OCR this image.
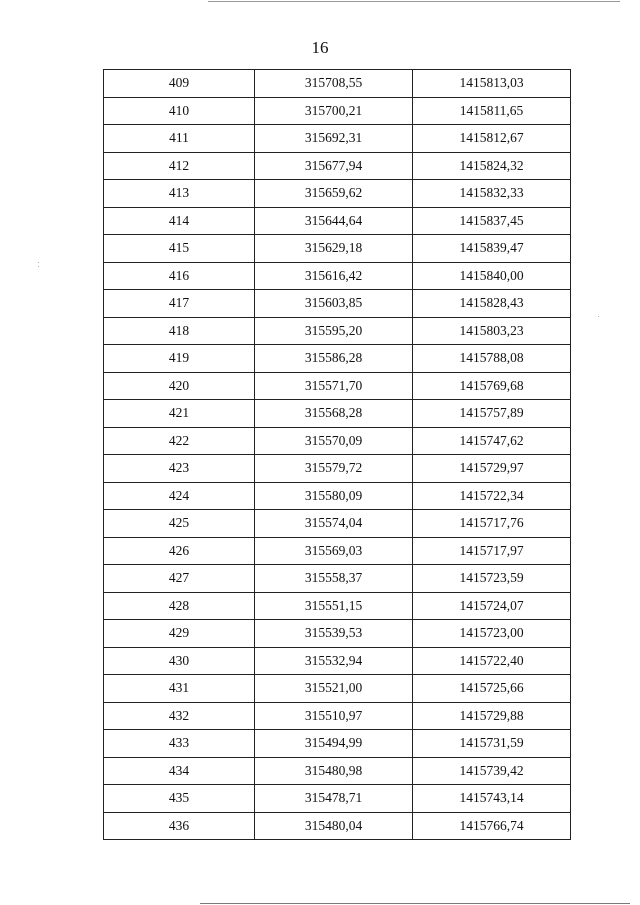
16
409	315708,55	1415813,03
410	315700,21	1415811,65
411	315692,31	1415812,67
412	315677,94	1415824,32
413	315659,62	1415832,33
414	315644,64	1415837,45
415	315629,18	1415839,47
416	315616,42	1415840,00
417	315603,85	1415828,43
418	315595,20	1415803,23
419	315586,28	1415788,08
420	315571,70	1415769,68
421	315568,28	1415757,89
422	315570,09	1415747,62
423	315579,72	1415729,97
424	315580,09	1415722,34
425	315574,04	1415717,76
426	315569,03	1415717,97
427	315558,37	1415723,59
428	315551,15	1415724,07
429	315539,53	1415723,00
430	315532,94	1415722,40
431	315521,00	1415725,66
432	315510,97	1415729,88
433	315494,99	1415731,59
434	315480,98	1415739,42
435	315478,71	1415743,14
436	315480,04	1415766,74
